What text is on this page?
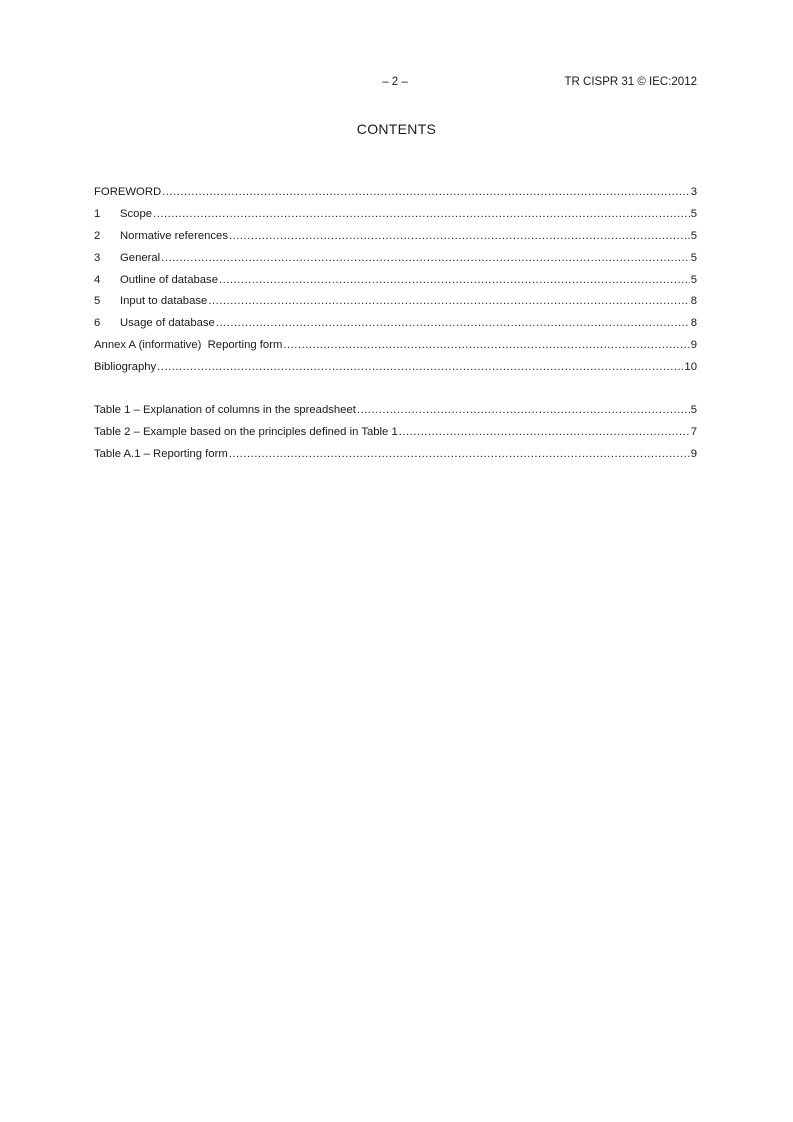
– 2 –	TR CISPR 31 © IEC:2012
CONTENTS
FOREWORD .....	3
1	Scope .....	5
2	Normative references .....	5
3	General .....	5
4	Outline of database .....	5
5	Input to database .....	8
6	Usage of database .....	8
Annex A (informative)  Reporting form .....	9
Bibliography .....	10
Table 1 – Explanation of columns in the spreadsheet .....	5
Table 2 – Example based on the principles defined in Table 1 .....	7
Table A.1 – Reporting form .....	9
